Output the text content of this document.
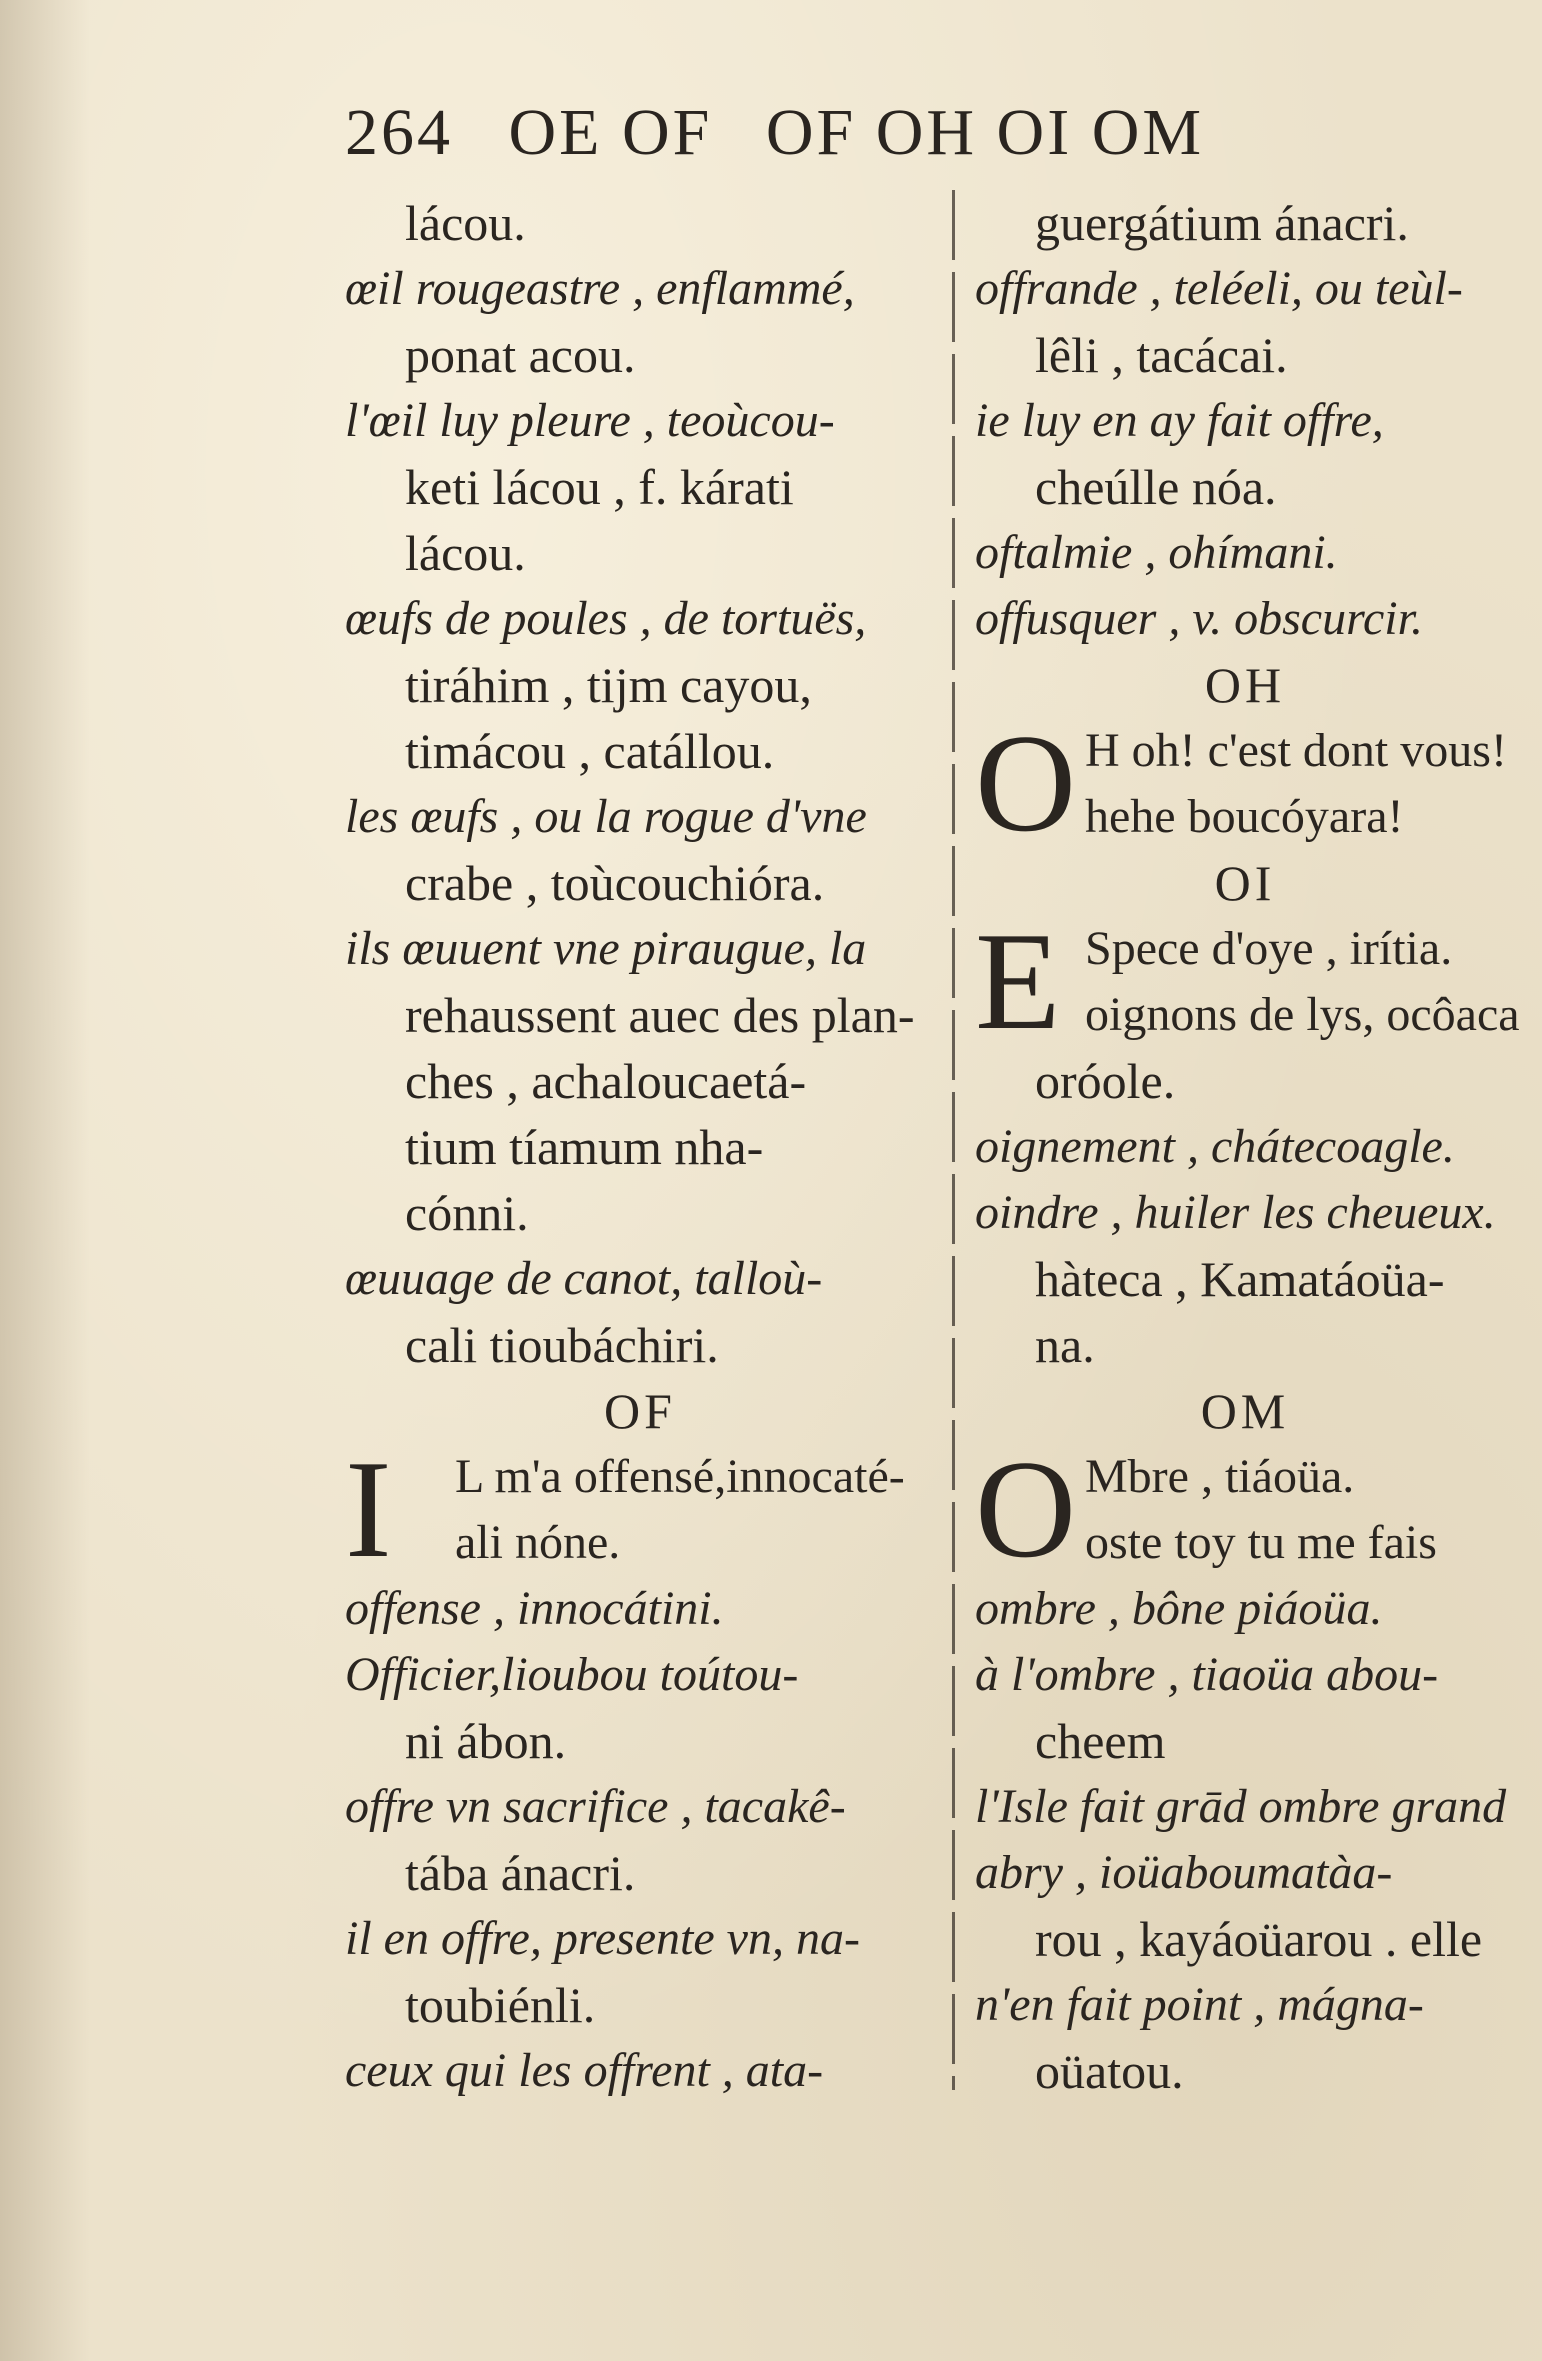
264 OE OF OF OH OI OM
lácou.
œil rougeastre , enflammé,
ponat acou.
l'œil luy pleure , teoùcou-
keti lácou , f. kárati
lácou.
œufs de poules , de tortuës,
tiráhim , tijm cayou,
timácou , catállou.
les œufs , ou la rogue d'vne
crabe , toùcouchióra.
ils œuuent vne piraugue, la
rehaussent auec des plan-
ches , achaloucaetá-
tium tíamum nha-
cónni.
œuuage de canot, talloù-
cali tioubáchiri.
OF
I	L m'a offensé,innocaté-
ali nóne.
offense , innocátini.
Officier,lioubou toútou-
ni ábon.
offre vn sacrifice , tacakê-
tába ánacri.
il en offre, presente vn, na-
toubiénli.
ceux qui les offrent , ata-
guergátium ánacri.
offrande , teléeli, ou teùl-
lêli , tacácai.
ie luy en ay fait offre,
cheúlle nóa.
oftalmie , ohímani.
offusquer , v. obscurcir.
OH
O H oh! c'est dont vous!
hehe boucóyara!
OI
E Spece d'oye , irítia.
oignons de lys, ocôaca
oróole.
oignement , chátecoagle.
oindre , huiler les cheueux.
hàteca , Kamatáoüa-
na.
OM
O Mbre , tiáoüa.
oste toy tu me fais
ombre , bône piáoüa.
à l'ombre , tiaoüa abou-
cheem
l'Isle fait grād ombre grand
abry , ioüaboumatàa-
rou , kayáoüarou . elle
n'en fait point , mágna-
oüatou.
